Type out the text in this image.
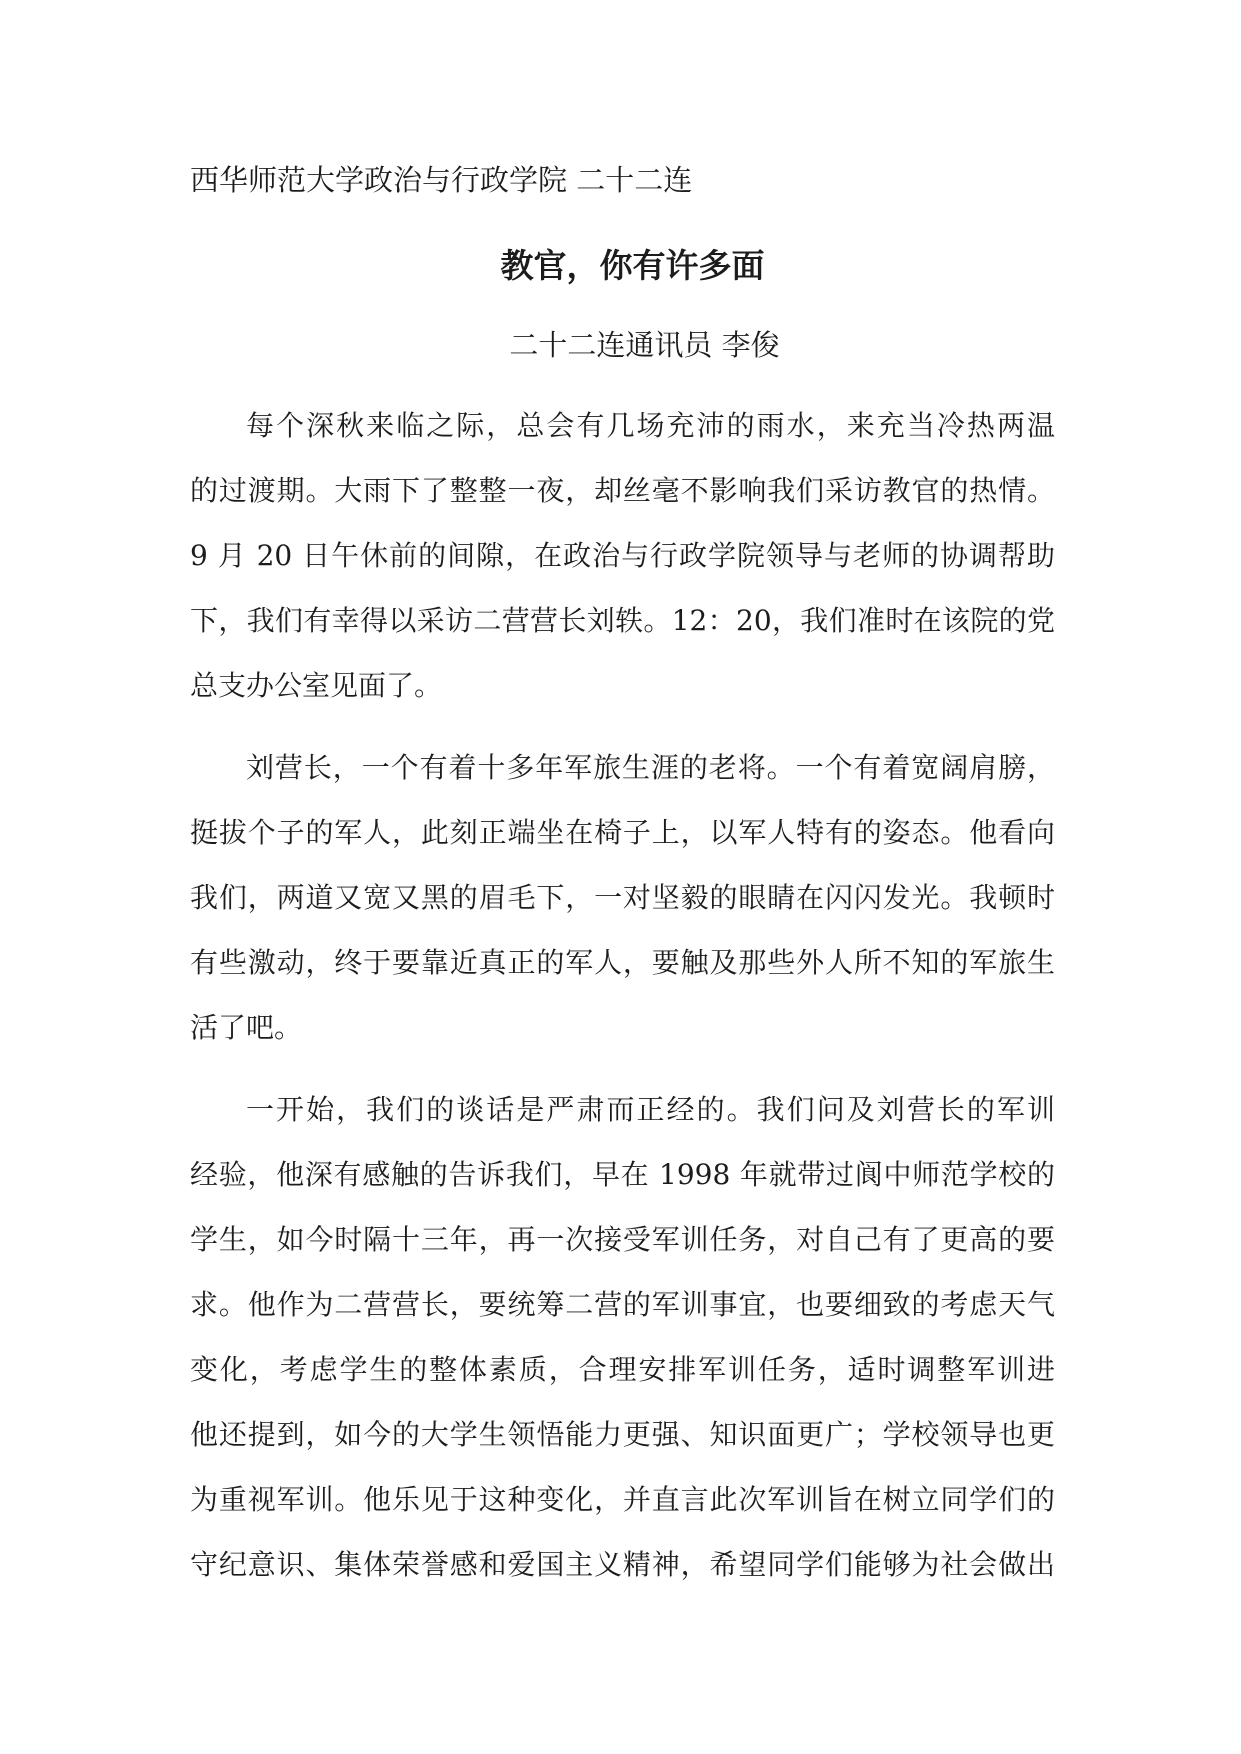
西华师范大学政治与行政学院 二十二连
教官，你有许多面
二十二连通讯员 李俊
每个深秋来临之际，总会有几场充沛的雨水，来充当冷热两温
的过渡期。大雨下了整整一夜，却丝毫不影响我们采访教官的热情。
9 月 20 日午休前的间隙，在政治与行政学院领导与老师的协调帮助
下，我们有幸得以采访二营营长刘轶。12：20，我们准时在该院的党
总支办公室见面了。
刘营长，一个有着十多年军旅生涯的老将。一个有着宽阔肩膀，
挺拔个子的军人，此刻正端坐在椅子上，以军人特有的姿态。他看向
我们，两道又宽又黑的眉毛下，一对坚毅的眼睛在闪闪发光。我顿时
有些激动，终于要靠近真正的军人，要触及那些外人所不知的军旅生
活了吧。
一开始，我们的谈话是严肃而正经的。我们问及刘营长的军训
经验，他深有感触的告诉我们，早在 1998 年就带过阆中师范学校的
学生，如今时隔十三年，再一次接受军训任务，对自己有了更高的要
求。他作为二营营长，要统筹二营的军训事宜，也要细致的考虑天气
变化，考虑学生的整体素质，合理安排军训任务，适时调整军训进
他还提到，如今的大学生领悟能力更强、知识面更广；学校领导也更
为重视军训。他乐见于这种变化，并直言此次军训旨在树立同学们的
守纪意识、集体荣誉感和爱国主义精神，希望同学们能够为社会做出
